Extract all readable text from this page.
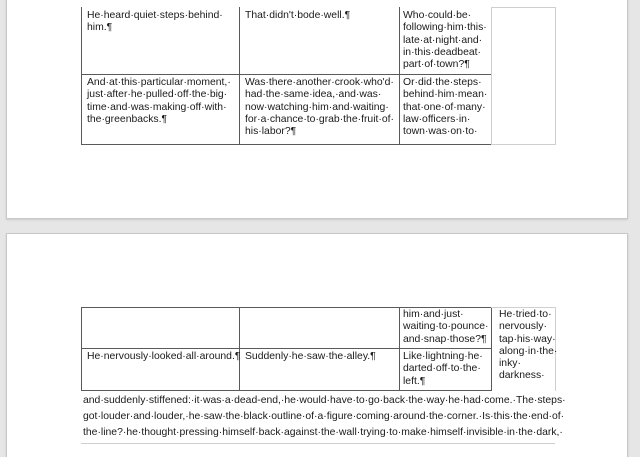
He·heard·quiet·steps·behind·
him.¶
That·didn't·bode·well.¶	Who·could·be·
following·him·this·
late·at·night·and·
in·this·deadbeat·
part·of·town?¶
And·at·this·particular·moment,·
just·after·he·pulled·off·the·big·
time·and·was·making·off·with·
the·greenbacks.¶
Was·there·another·crook·who'd·
had·the·same·idea,·and·was·
now·watching·him·and·waiting·
for·a·chance·to·grab·the·fruit·of·
his·labor?¶
Or·did·the·steps·
behind·him·mean·
that·one·of·many·
law·officers·in·
town·was·on·to·
him·and·just·
waiting·to·pounce·
and·snap·those?¶
He·tried·to·
nervously·
tap·his·way·
along·in·the·
inky·
darkness·
He·nervously·looked·all·around.¶ Suddenly·he·saw·the·alley.¶	Like·lightning·he·
darted·off·to·the·
left.¶
and·suddenly·stiffened:·it·was·a·dead-end,·he·would·have·to·go·back·the·way·he·had·come.·The·steps·
got·louder·and·louder,·he·saw·the·black·outline·of·a·figure·coming·around·the·corner.·Is·this·the·end·of·
the·line?·he·thought·pressing·himself·back·against·the·wall·trying·to·make·himself·invisible·in·the·dark,·
